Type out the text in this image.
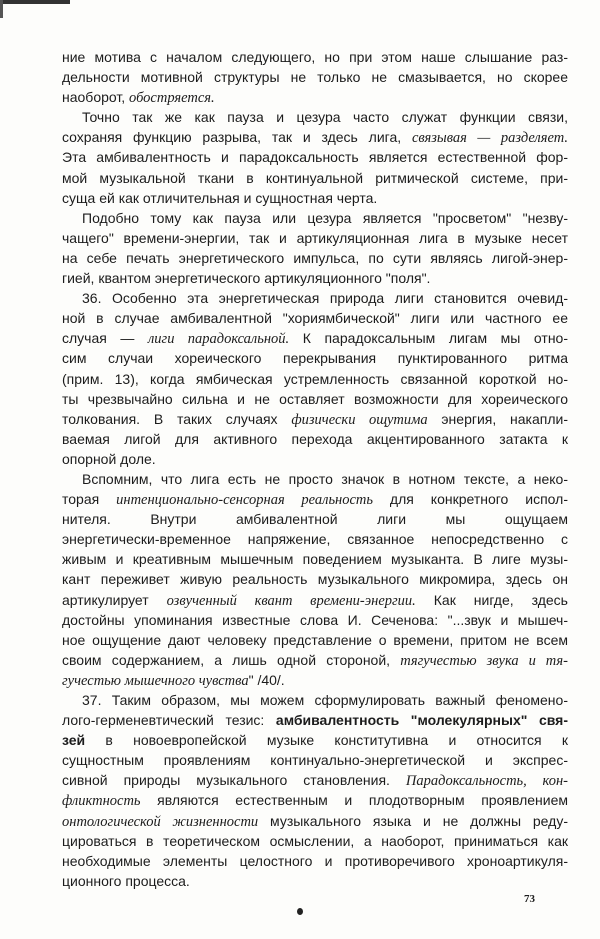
ние мотива с началом следующего, но при этом наше слышание раз-
дельности мотивной структуры не только не смазывается, но скорее
наоборот, обостряется.
Точно так же как пауза и цезура часто служат функции связи,
сохраняя функцию разрыва, так и здесь лига, связывая — разделяет.
Эта амбивалентность и парадоксальность является естественной фор-
мой музыкальной ткани в континуальной ритмической системе, при-
суща ей как отличительная и сущностная черта.
Подобно тому как пауза или цезура является "просветом" "незву-
чащего" времени-энергии, так и артикуляционная лига в музыке несет
на себе печать энергетического импульса, по сути являясь лигой-энер-
гией, квантом энергетического артикуляционного "поля".
36. Особенно эта энергетическая природа лиги становится очевид-
ной в случае амбивалентной "хориямбической" лиги или частного ее
случая — лиги парадоксальной. К парадоксальным лигам мы отно-
сим случаи хореического перекрывания пунктированного ритма
(прим. 13), когда ямбическая устремленность связанной короткой но-
ты чрезвычайно сильна и не оставляет возможности для хореического
толкования. В таких случаях физически ощутима энергия, накапли-
ваемая лигой для активного перехода акцентированного затакта к
опорной доле.
Вспомним, что лига есть не просто значок в нотном тексте, а неко-
торая интенционально-сенсорная реальность для конкретного испол-
нителя. Внутри амбивалентной лиги мы ощущаем
энергетически-временное напряжение, связанное непосредственно с
живым и креативным мышечным поведением музыканта. В лиге музы-
кант переживет живую реальность музыкального микромира, здесь он
артикулирует озвученный квант времени-энергии. Как нигде, здесь
достойны упоминания известные слова И. Сеченова: "...звук и мышеч-
ное ощущение дают человеку представление о времени, притом не всем
своим содержанием, а лишь одной стороной, тягучестью звука и тя-
гучестью мышечного чувства" /40/.
37. Таким образом, мы можем сформулировать важный феномено-
лого-герменевтический тезис: амбивалентность "молекулярных" свя-
зей в новоевропейской музыке конститутивна и относится к
сущностным проявлениям континуально-энергетической и экспрес-
сивной природы музыкального становления. Парадоксальность, кон-
фликтность являются естественным и плодотворным проявлением
онтологической жизненности музыкального языка и не должны реду-
цироваться в теоретическом осмыслении, а наоборот, приниматься как
необходимые элементы целостного и противоречивого хроноартикуля-
ционного процесса.
73
